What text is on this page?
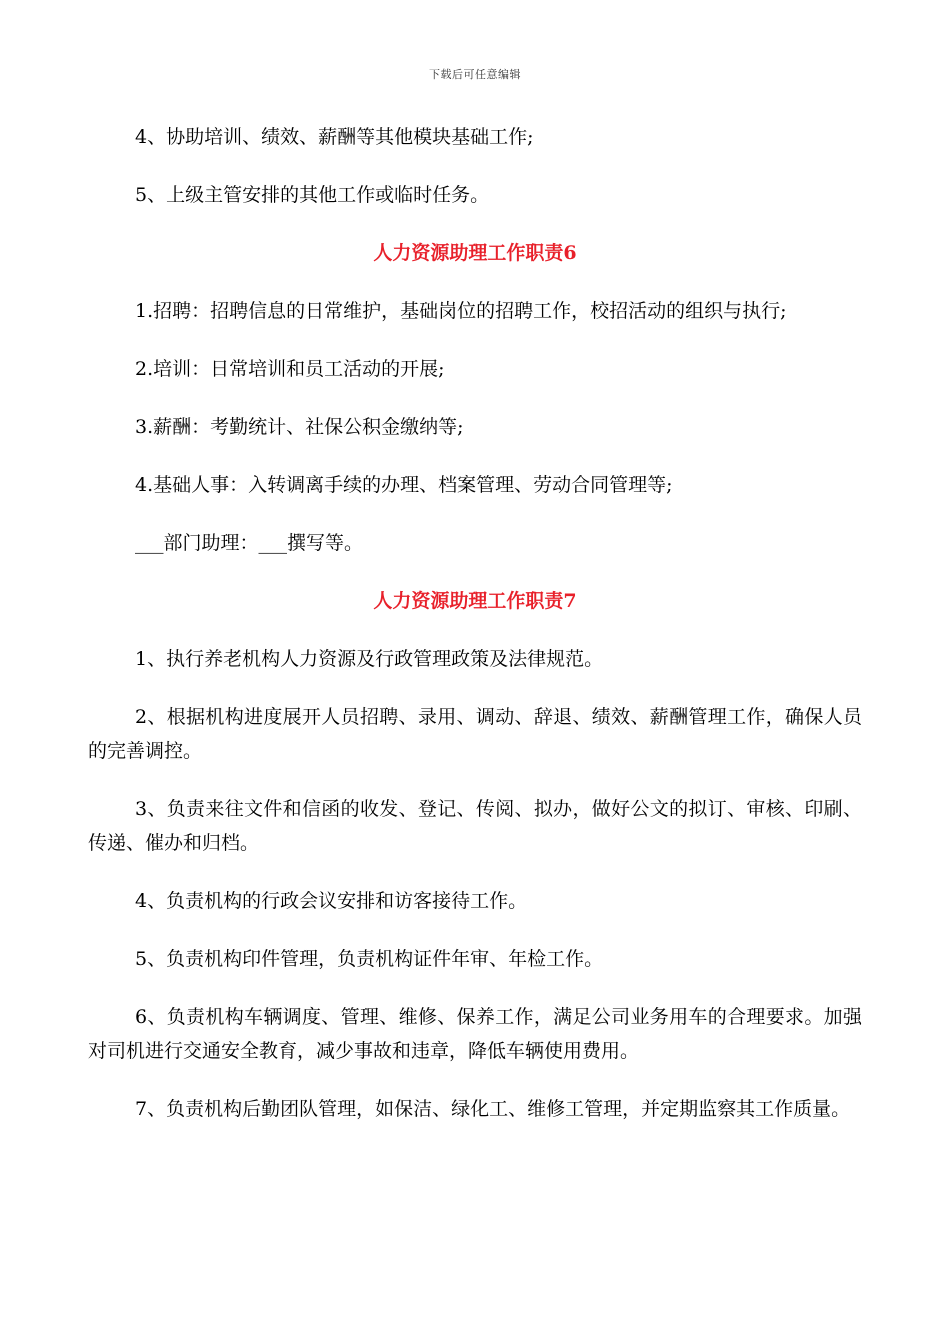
下载后可任意编辑

4、协助培训、绩效、薪酬等其他模块基础工作;

5、上级主管安排的其他工作或临时任务。

人力资源助理工作职责6

1.招聘：招聘信息的日常维护，基础岗位的招聘工作，校招活动的组织与执行;

2.培训：日常培训和员工活动的开展;

3.薪酬：考勤统计、社保公积金缴纳等;

4.基础人事：入转调离手续的办理、档案管理、劳动合同管理等;

___部门助理：___撰写等。

人力资源助理工作职责7

1、执行养老机构人力资源及行政管理政策及法律规范。

2、根据机构进度展开人员招聘、录用、调动、辞退、绩效、薪酬管理工作，确保人员的完善调控。

3、负责来往文件和信函的收发、登记、传阅、拟办，做好公文的拟订、审核、印刷、传递、催办和归档。

4、负责机构的行政会议安排和访客接待工作。

5、负责机构印件管理，负责机构证件年审、年检工作。

6、负责机构车辆调度、管理、维修、保养工作，满足公司业务用车的合理要求。加强对司机进行交通安全教育，减少事故和违章，降低车辆使用费用。

7、负责机构后勤团队管理，如保洁、绿化工、维修工管理，并定期监察其工作质量。
